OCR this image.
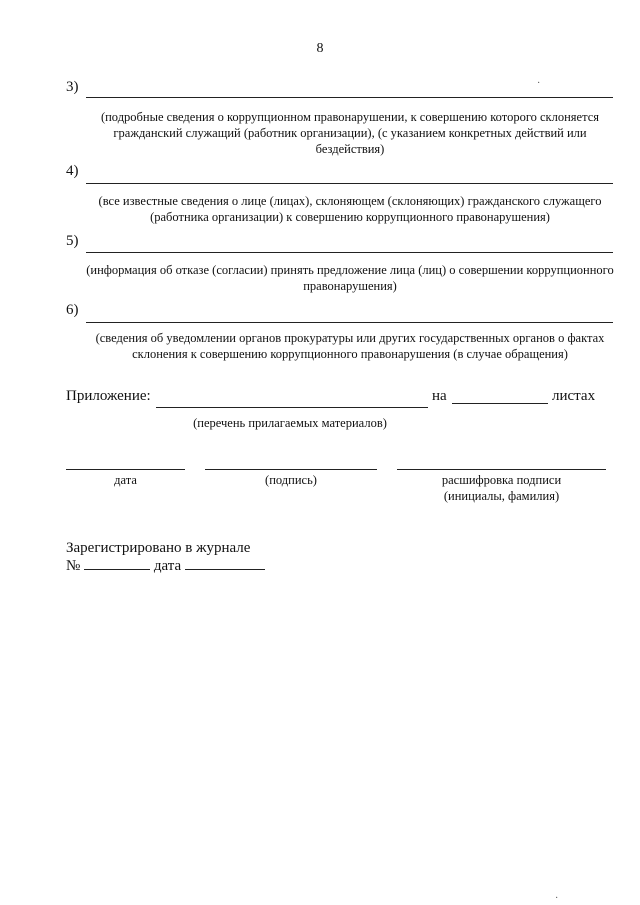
8
3)
(подробные сведения о коррупционном правонарушении, к совершению которого склоняется гражданский служащий (работник организации), (с указанием конкретных действий или бездействия)
4)
(все известные сведения о лице (лицах), склоняющем (склоняющих) гражданского служащего (работника организации) к совершению коррупционного правонарушения)
5)
(информация об отказе (согласии) принять предложение лица (лиц) о совершении коррупционного правонарушения)
6)
(сведения об уведомлении органов прокуратуры или других государственных органов о фактах склонения к совершению коррупционного правонарушения (в случае обращения)
Приложение:	на	листах
(перечень прилагаемых материалов)
дата	(подпись)	расшифровка подписи
(инициалы, фамилия)
Зарегистрировано в журнале
№	дата
·
·
